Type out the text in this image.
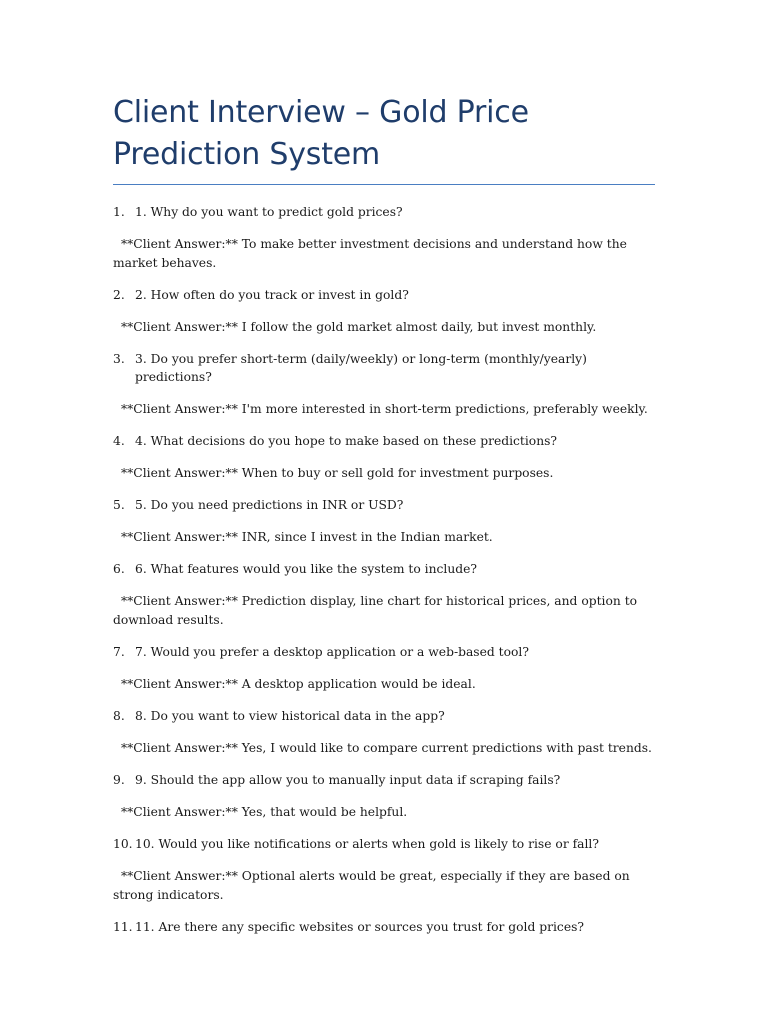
Client Interview – Gold Price Prediction System
1. 1. Why do you want to predict gold prices?
**Client Answer:** To make better investment decisions and understand how the market behaves.
2. 2. How often do you track or invest in gold?
**Client Answer:** I follow the gold market almost daily, but invest monthly.
3. 3. Do you prefer short-term (daily/weekly) or long-term (monthly/yearly) predictions?
**Client Answer:** I'm more interested in short-term predictions, preferably weekly.
4. 4. What decisions do you hope to make based on these predictions?
**Client Answer:** When to buy or sell gold for investment purposes.
5. 5. Do you need predictions in INR or USD?
**Client Answer:** INR, since I invest in the Indian market.
6. 6. What features would you like the system to include?
**Client Answer:** Prediction display, line chart for historical prices, and option to download results.
7. 7. Would you prefer a desktop application or a web-based tool?
**Client Answer:** A desktop application would be ideal.
8. 8. Do you want to view historical data in the app?
**Client Answer:** Yes, I would like to compare current predictions with past trends.
9. 9. Should the app allow you to manually input data if scraping fails?
**Client Answer:** Yes, that would be helpful.
10. 10. Would you like notifications or alerts when gold is likely to rise or fall?
**Client Answer:** Optional alerts would be great, especially if they are based on strong indicators.
11. 11. Are there any specific websites or sources you trust for gold prices?
